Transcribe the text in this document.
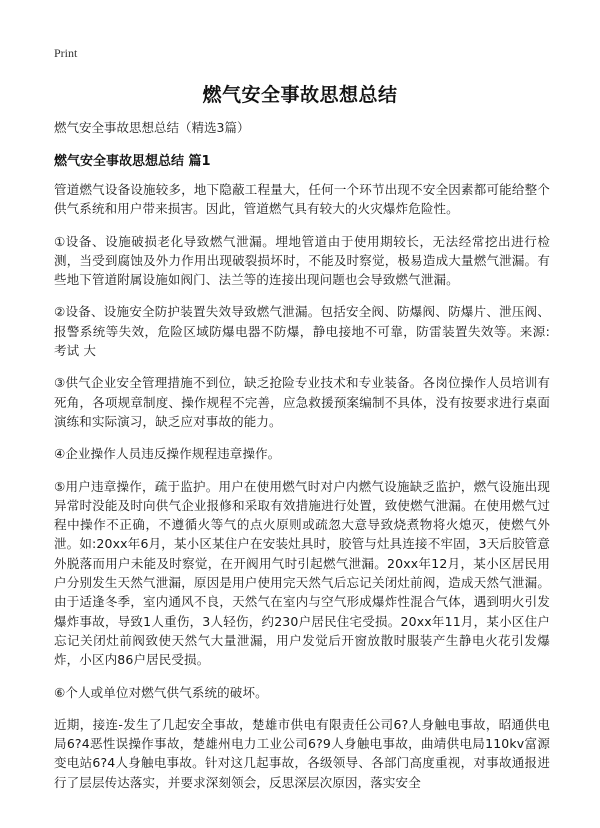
Print
燃气安全事故思想总结
燃气安全事故思想总结（精选3篇）
燃气安全事故思想总结 篇1

管道燃气设备设施较多，地下隐蔽工程量大，任何一个环节出现不安全因素都可能给整个供气系统和用户带来损害。因此，管道燃气具有较大的火灾爆炸危险性。

①设备、设施破损老化导致燃气泄漏。埋地管道由于使用期较长，无法经常挖出进行检测，当受到腐蚀及外力作用出现破裂损坏时，不能及时察觉，极易造成大量燃气泄漏。有些地下管道附属设施如阀门、法兰等的连接出现问题也会导致燃气泄漏。

②设备、设施安全防护装置失效导致燃气泄漏。包括安全阀、防爆阀、防爆片、泄压阀、报警系统等失效，危险区域防爆电器不防爆，静电接地不可靠，防雷装置失效等。来源:考试 大

③供气企业安全管理措施不到位，缺乏抢险专业技术和专业装备。各岗位操作人员培训有死角，各项规章制度、操作规程不完善，应急救援预案编制不具体，没有按要求进行桌面演练和实际演习，缺乏应对事故的能力。

④企业操作人员违反操作规程违章操作。

⑤用户违章操作，疏于监护。用户在使用燃气时对户内燃气设施缺乏监护，燃气设施出现异常时没能及时向供气企业报修和采取有效措施进行处置，致使燃气泄漏。在使用燃气过程中操作不正确，不遵循火等气的点火原则或疏忽大意导致烧煮物将火熄灭，使燃气外泄。如:20xx年6月，某小区某住户在安装灶具时，胶管与灶具连接不牢固，3天后胶管意外脱落而用户未能及时察觉，在开阀用气时引起燃气泄漏。20xx年12月，某小区居民用户分别发生天然气泄漏，原因是用户使用完天然气后忘记关闭灶前阀，造成天然气泄漏。由于适逢冬季，室内通风不良，天然气在室内与空气形成爆炸性混合气体，遇到明火引发爆炸事故，导致1人重伤，3人轻伤，约230户居民住宅受损。20xx年11月，某小区住户忘记关闭灶前阀致使天然气大量泄漏，用户发觉后开窗放散时服装产生静电火花引发爆炸，小区内86户居民受损。

⑥个人或单位对燃气供气系统的破坏。

近期，接连-发生了几起安全事故，楚雄市供电有限责任公司6?人身触电事故，昭通供电局6?4恶性误操作事故，楚雄州电力工业公司6?9人身触电事故，曲靖供电局110kv富源变电站6?4人身触电事故。针对这几起事故，各级领导、各部门高度重视，对事故通报进行了层层传达落实，并要求深刻领会，反思深层次原因，落实安全
